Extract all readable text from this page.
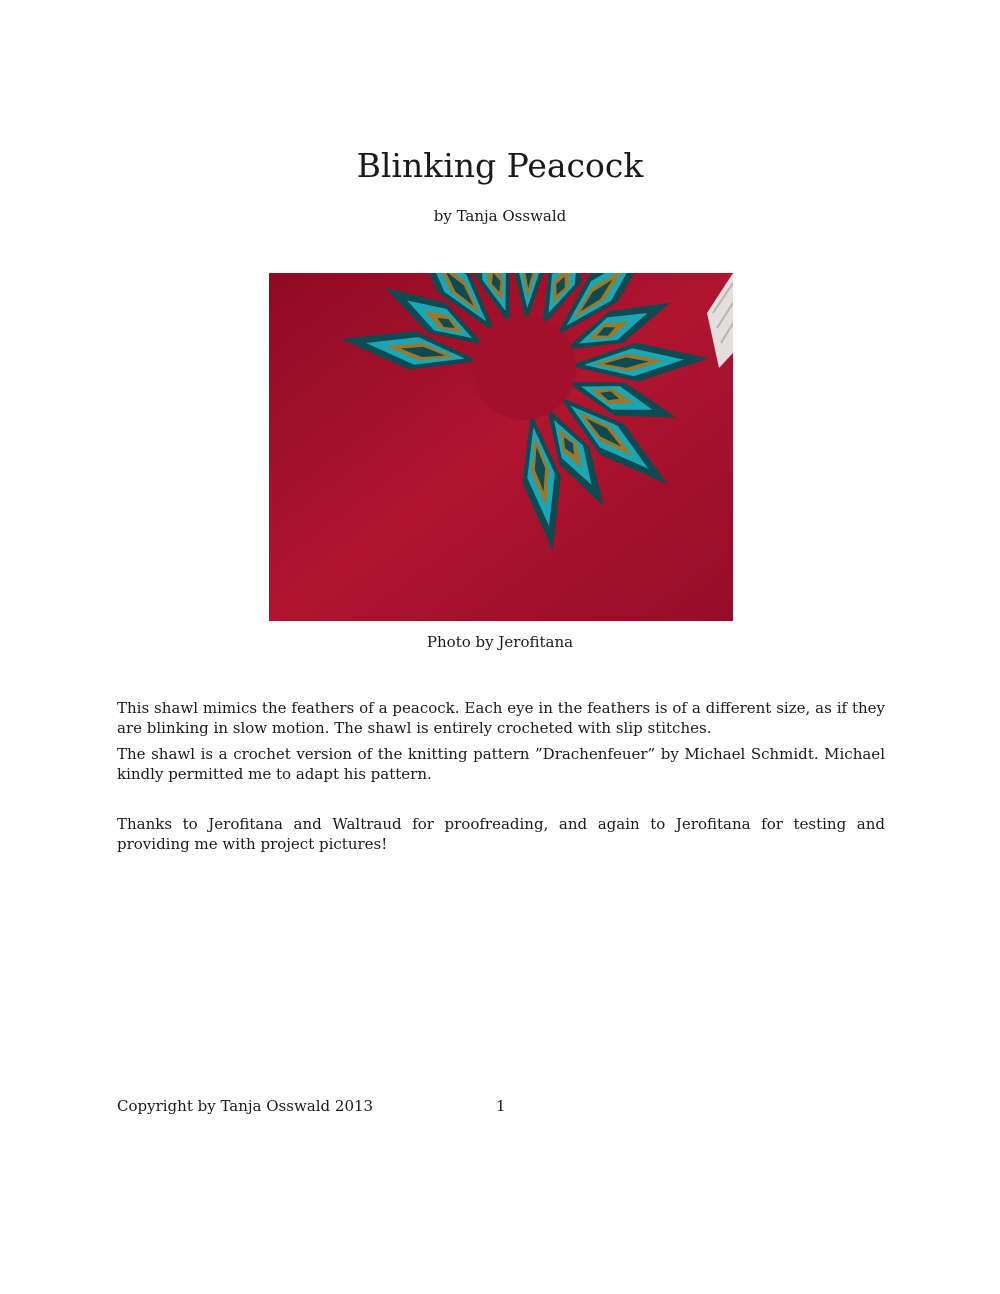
Blinking Peacock
by Tanja Osswald
Photo by Jerofitana

This shawl mimics the feathers of a peacock. Each eye in the feathers is of a different size, as if they are blinking in slow motion. The shawl is entirely crocheted with slip stitches.

The shawl is a crochet version of the knitting pattern ”Drachenfeuer” by Michael Schmidt. Michael kindly permitted me to adapt his pattern.

Thanks to Jerofitana and Waltraud for proofreading, and again to Jerofitana for testing and providing me with project pictures!

Copyright by Tanja Osswald 2013	1
